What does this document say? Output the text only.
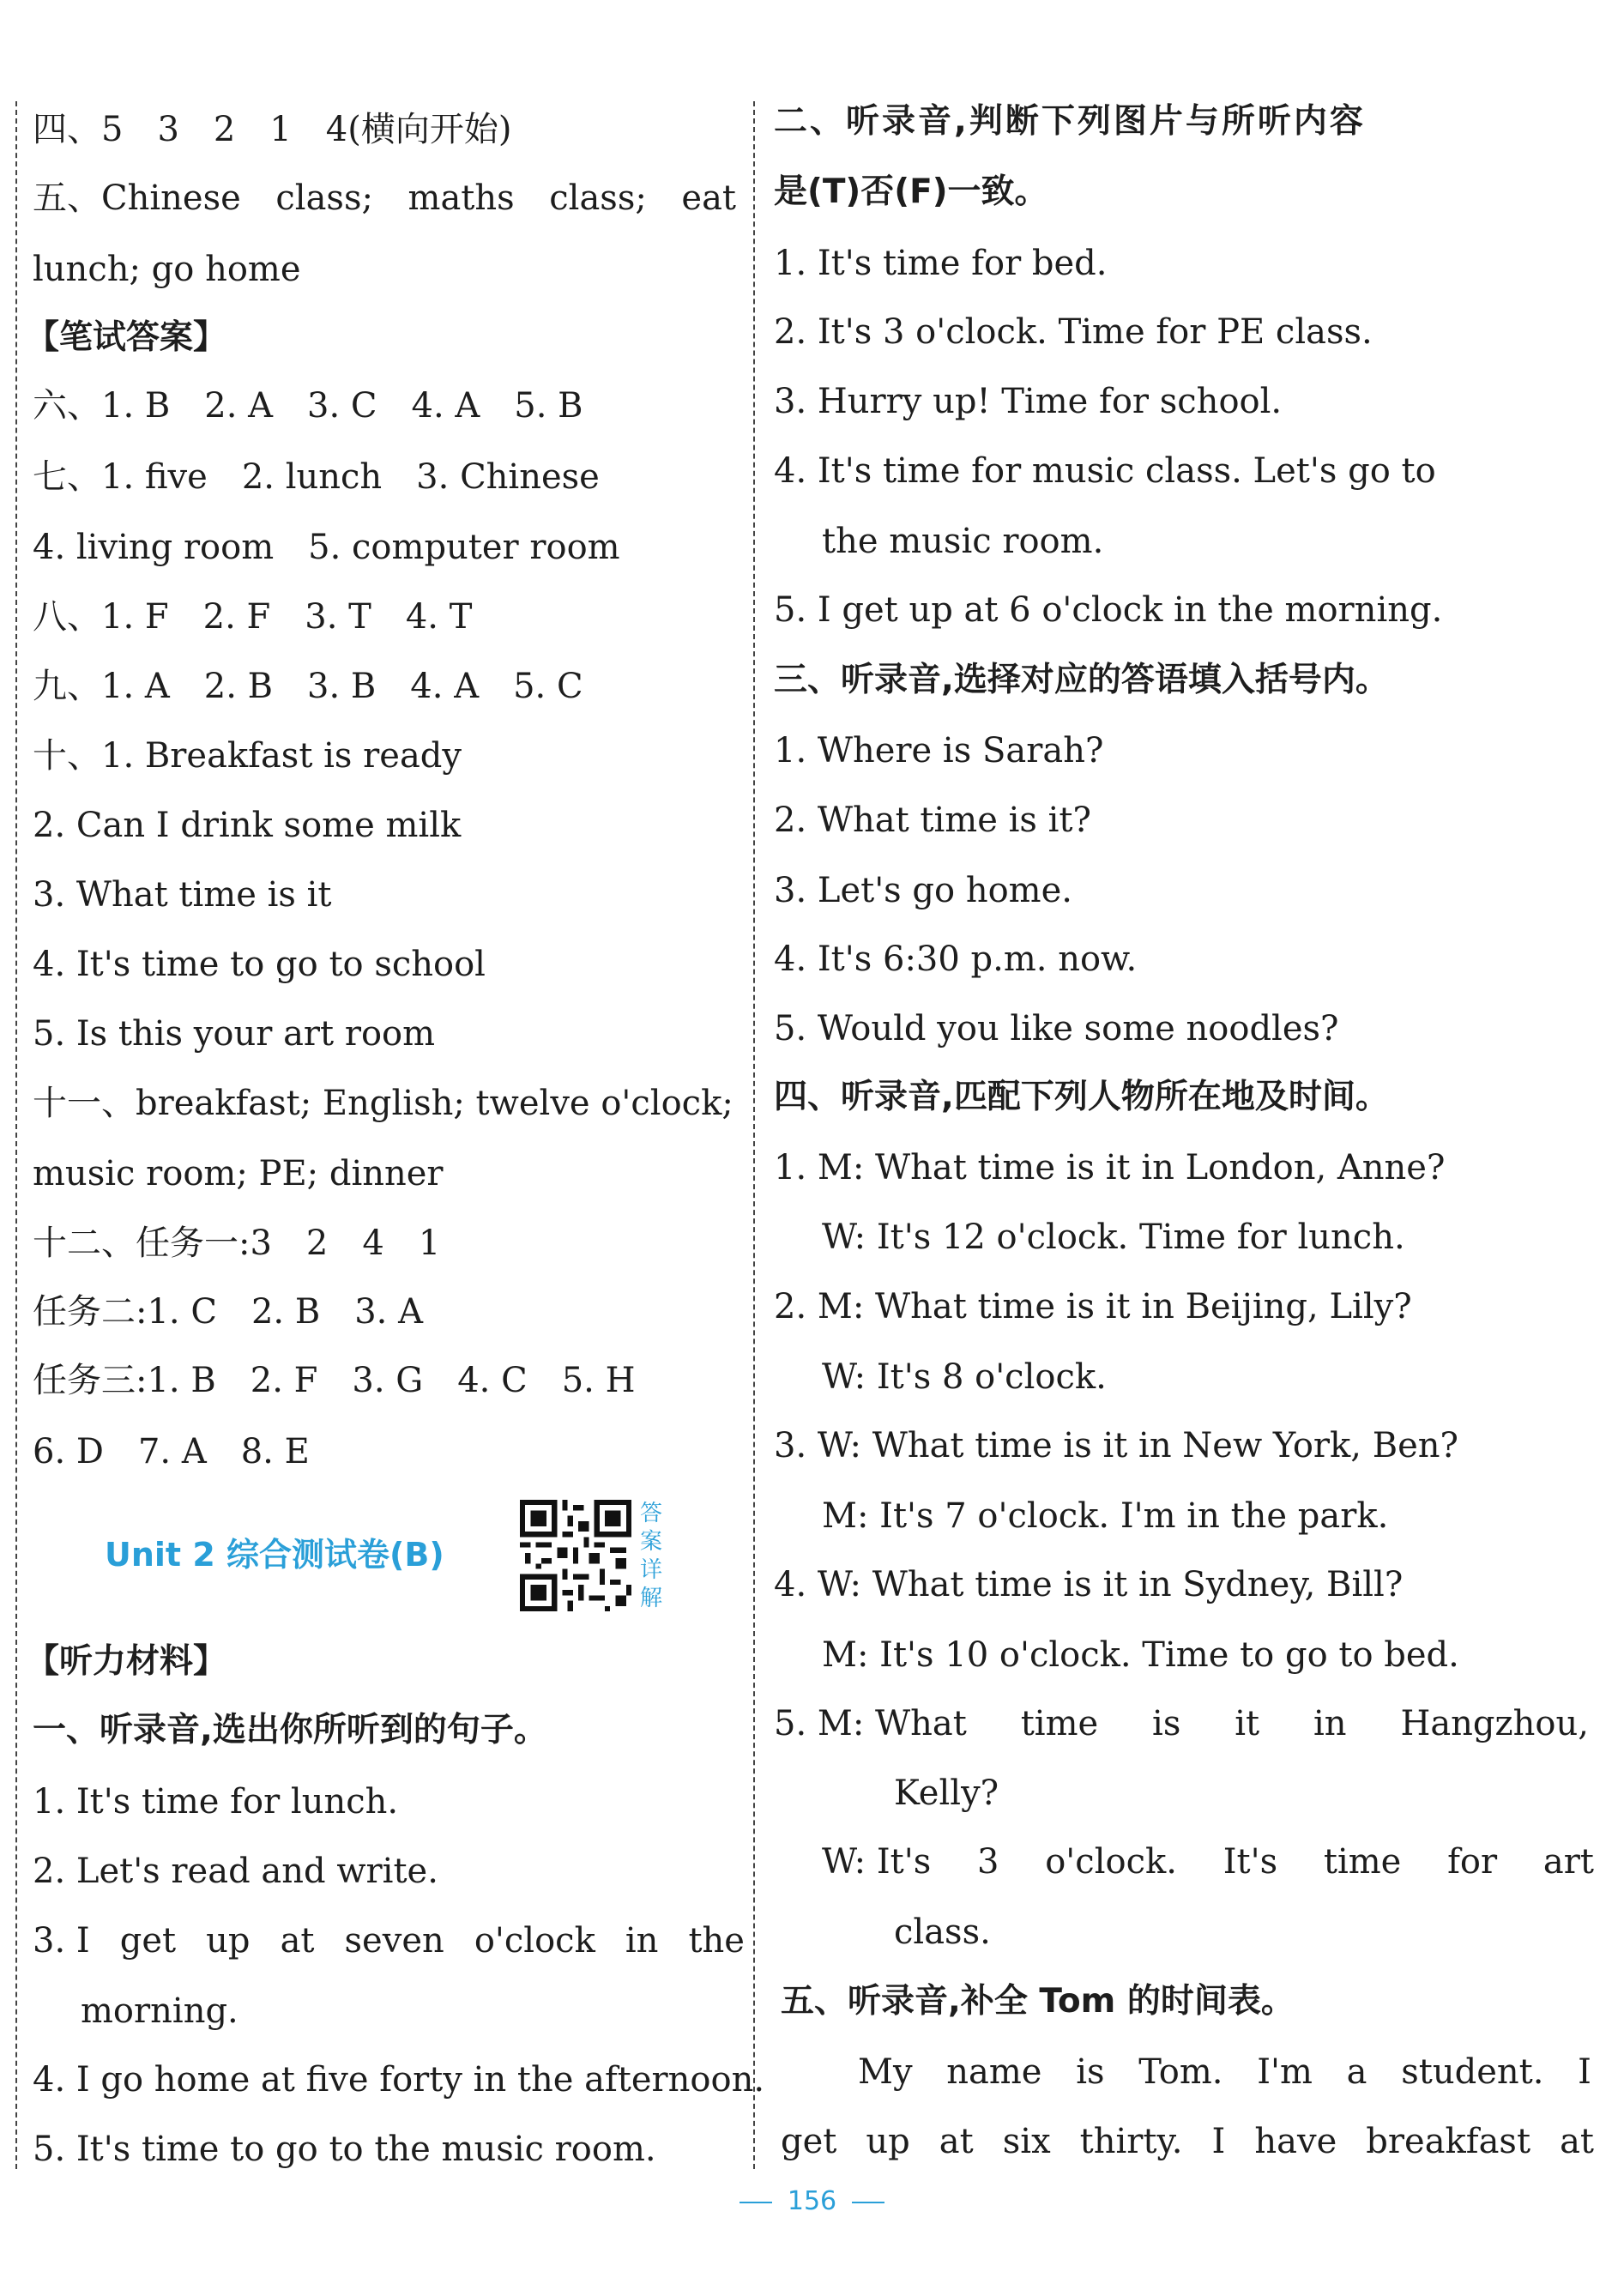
四、5　3　2　1　4(横向开始)
五、Chinese class; maths class; eat
lunch; go home
【笔试答案】
六、1. B　2. A　3. C　4. A　5. B
七、1. five　2. lunch　3. Chinese
4. living room　5. computer room
八、1. F　2. F　3. T　4. T
九、1. A　2. B　3. B　4. A　5. C
十、1. Breakfast is ready
2. Can I drink some milk
3. What time is it
4. It's time to go to school
5. Is this your art room
十一、breakfast; English; twelve o'clock;
music room; PE; dinner
十二、任务一:3　2　4　1
任务二:1. C　2. B　3. A
任务三:1. B　2. F　3. G　4. C　5. H
6. D　7. A　8. E
Unit 2 综合测试卷(B)
答
案
详
解
【听力材料】
一、听录音,选出你所听到的句子。
1. It's time for lunch.
2. Let's read and write.
3. I get up at seven o'clock in the
morning.
4. I go home at five forty in the afternoon.
5. It's time to go to the music room.
二、听录音,判断下列图片与所听内容
是(T)否(F)一致。
1. It's time for bed.
2. It's 3 o'clock. Time for PE class.
3. Hurry up! Time for school.
4. It's time for music class. Let's go to
the music room.
5. I get up at 6 o'clock in the morning.
三、听录音,选择对应的答语填入括号内。
1. Where is Sarah?
2. What time is it?
3. Let's go home.
4. It's 6:30 p.m. now.
5. Would you like some noodles?
四、听录音,匹配下列人物所在地及时间。
1. M: What time is it in London, Anne?
W: It's 12 o'clock. Time for lunch.
2. M: What time is it in Beijing, Lily?
W: It's 8 o'clock.
3. W: What time is it in New York, Ben?
M: It's 7 o'clock. I'm in the park.
4. W: What time is it in Sydney, Bill?
M: It's 10 o'clock. Time to go to bed.
5. M: What time is it in Hangzhou,
Kelly?
W: It's 3 o'clock. It's time for art
class.
五、听录音,补全 Tom 的时间表。
My name is Tom. I'm a student. I
get up at six thirty. I have breakfast at
156
